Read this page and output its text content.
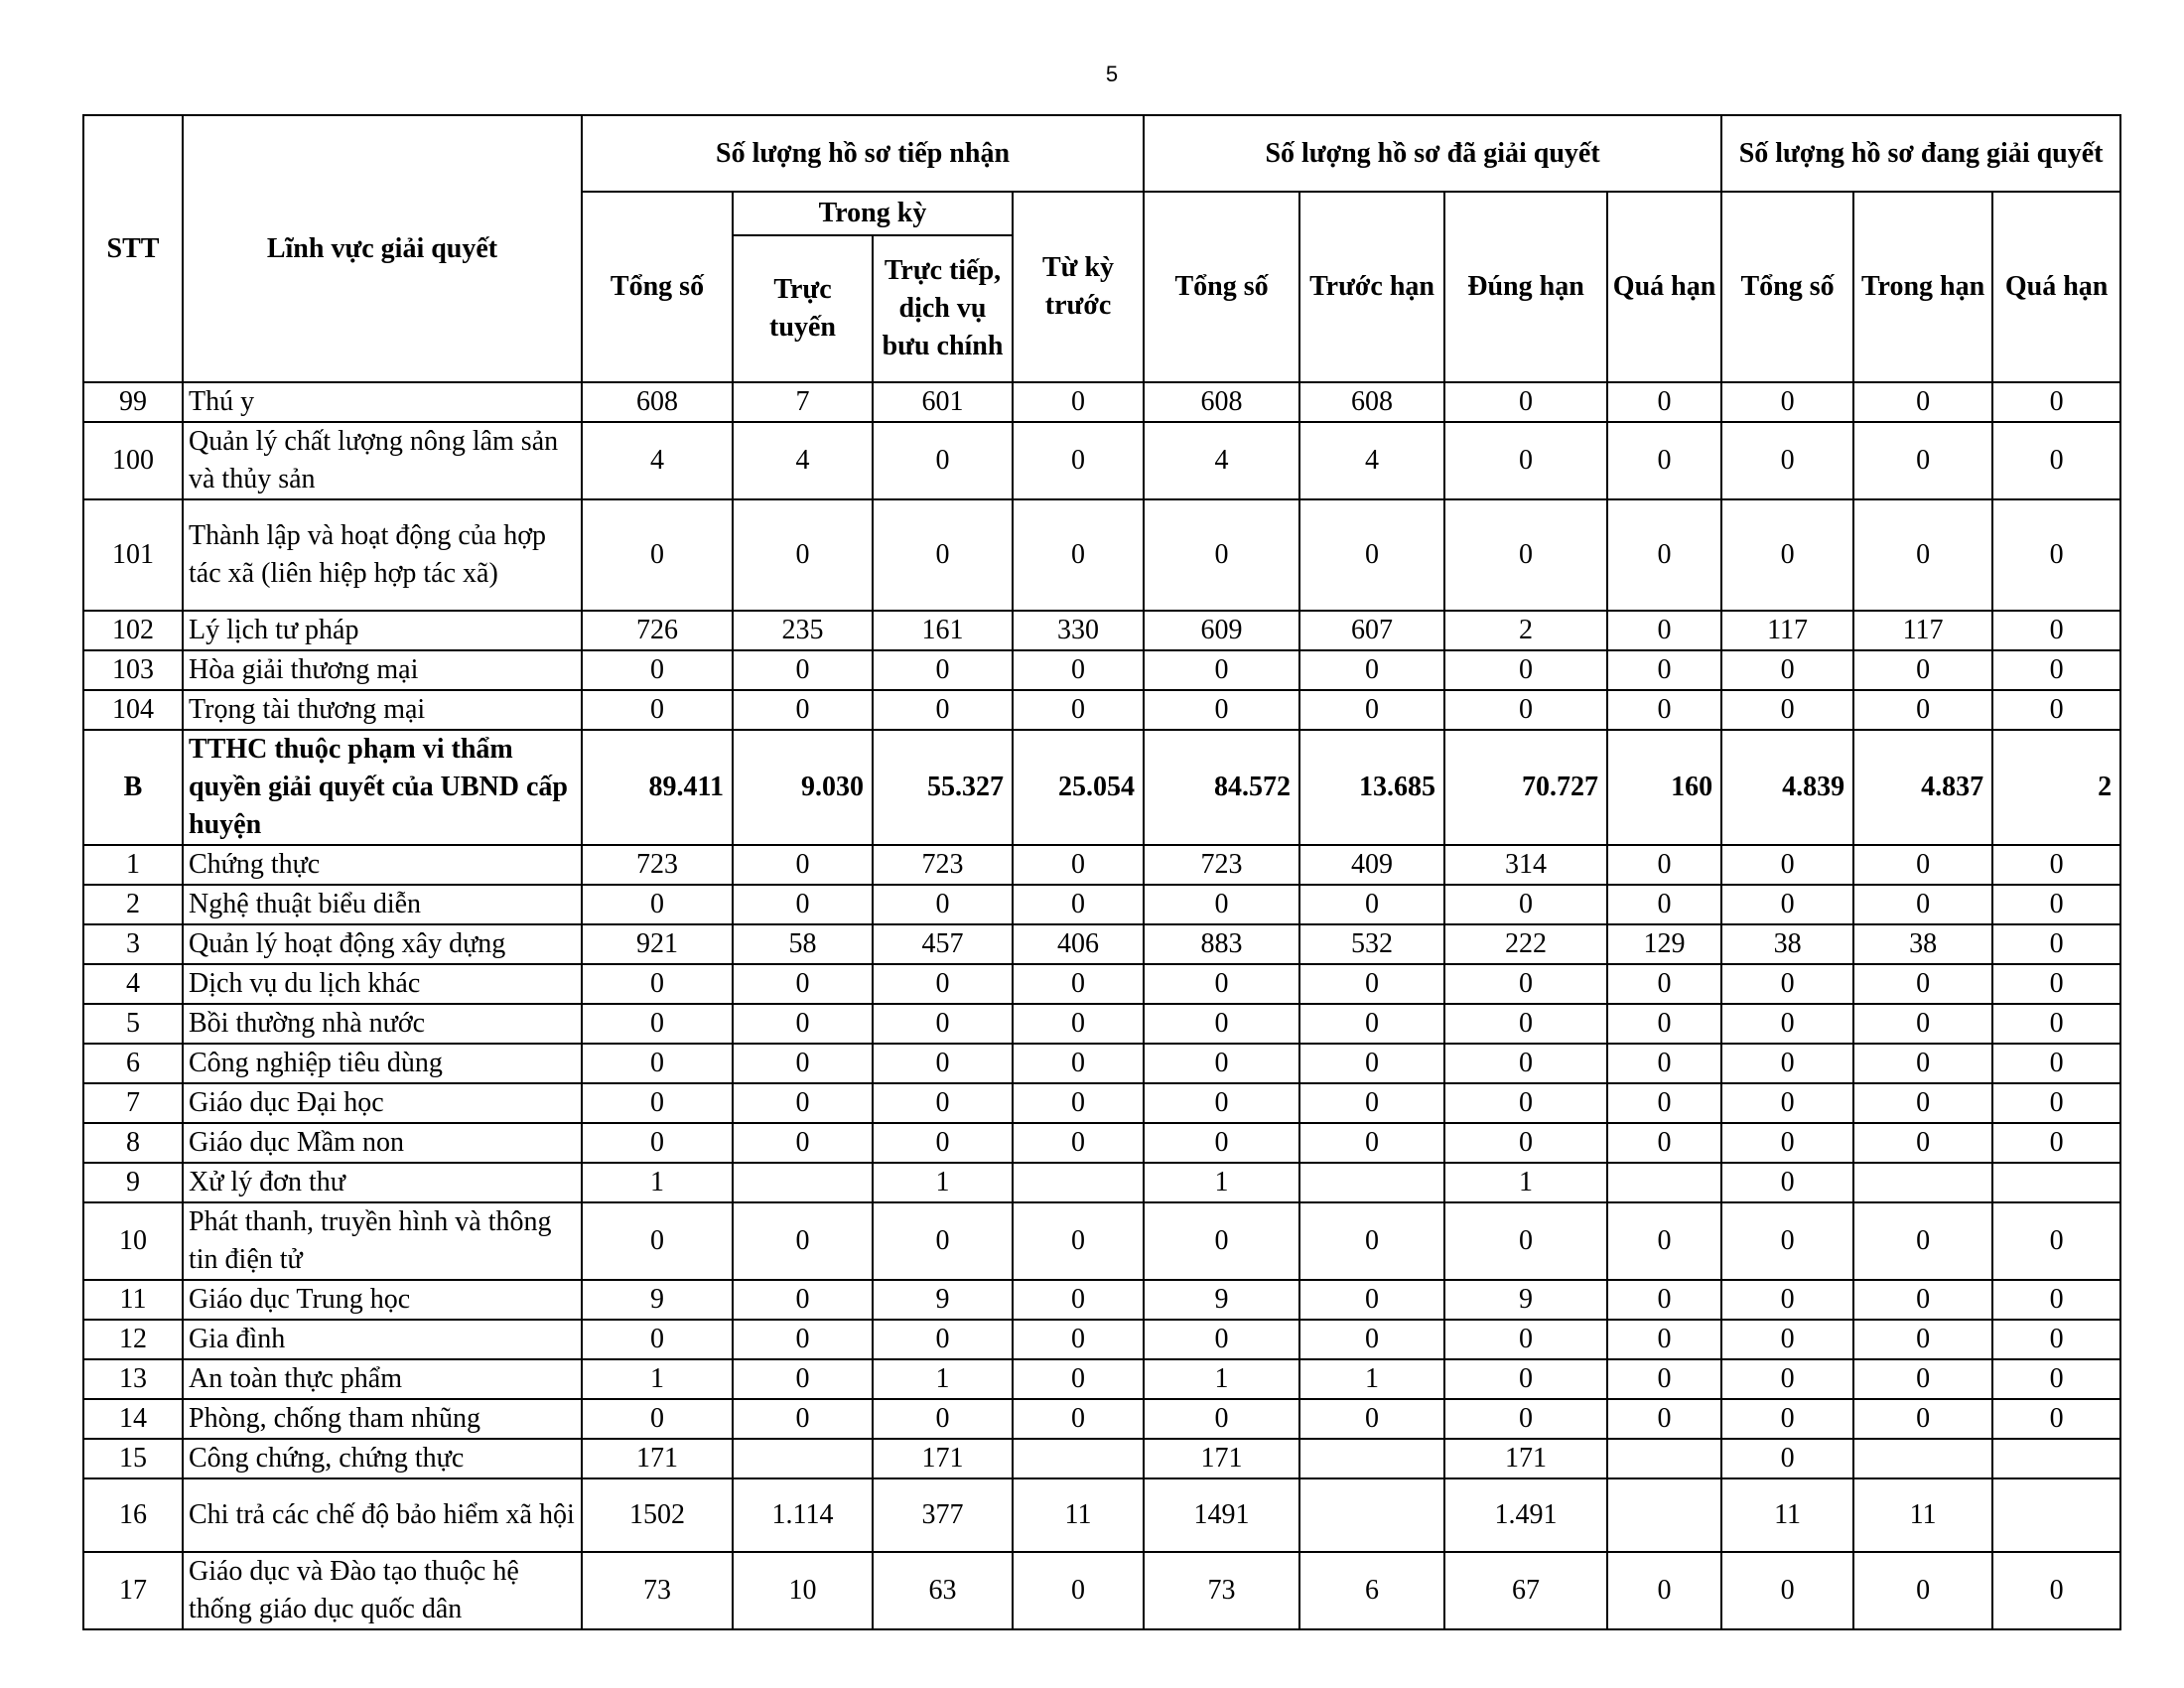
5
STT	Lĩnh vực giải quyết	Số lượng hồ sơ tiếp nhận				Số lượng hồ sơ đã giải quyết				Số lượng hồ sơ đang giải quyết		
		Tổng số	Trong kỳ		Từ kỳ trước	Tổng số	Trước hạn	Đúng hạn	Quá hạn	Tổng số	Trong hạn	Quá hạn
			Trực tuyến	Trực tiếp, dịch vụ bưu chính								
99	Thú y	608	7	601	0	608	608	0	0	0	0	0
100	Quản lý chất lượng nông lâm sản và thủy sản	4	4	0	0	4	4	0	0	0	0	0
101	Thành lập và hoạt động của hợp tác xã (liên hiệp hợp tác xã)	0	0	0	0	0	0	0	0	0	0	0
102	Lý lịch tư pháp	726	235	161	330	609	607	2	0	117	117	0
103	Hòa giải thương mại	0	0	0	0	0	0	0	0	0	0	0
104	Trọng tài thương mại	0	0	0	0	0	0	0	0	0	0	0
B	TTHC thuộc phạm vi thẩm quyền giải quyết của UBND cấp huyện	89.411	9.030	55.327	25.054	84.572	13.685	70.727	160	4.839	4.837	2
1	Chứng thực	723	0	723	0	723	409	314	0	0	0	0
2	Nghệ thuật biểu diễn	0	0	0	0	0	0	0	0	0	0	0
3	Quản lý hoạt động xây dựng	921	58	457	406	883	532	222	129	38	38	0
4	Dịch vụ du lịch khác	0	0	0	0	0	0	0	0	0	0	0
5	Bồi thường nhà nước	0	0	0	0	0	0	0	0	0	0	0
6	Công nghiệp tiêu dùng	0	0	0	0	0	0	0	0	0	0	0
7	Giáo dục Đại học	0	0	0	0	0	0	0	0	0	0	0
8	Giáo dục Mầm non	0	0	0	0	0	0	0	0	0	0	0
9	Xử lý đơn thư	1		1		1		1		0		
10	Phát thanh, truyền hình và thông tin điện tử	0	0	0	0	0	0	0	0	0	0	0
11	Giáo dục Trung học	9	0	9	0	9	0	9	0	0	0	0
12	Gia đình	0	0	0	0	0	0	0	0	0	0	0
13	An toàn thực phẩm	1	0	1	0	1	1	0	0	0	0	0
14	Phòng, chống tham nhũng	0	0	0	0	0	0	0	0	0	0	0
15	Công chứng, chứng thực	171		171		171		171		0		
16	Chi trả các chế độ bảo hiểm xã hội	1502	1.114	377	11	1491		1.491		11	11	
17	Giáo dục và Đào tạo thuộc hệ thống giáo dục quốc dân	73	10	63	0	73	6	67	0	0	0	0
